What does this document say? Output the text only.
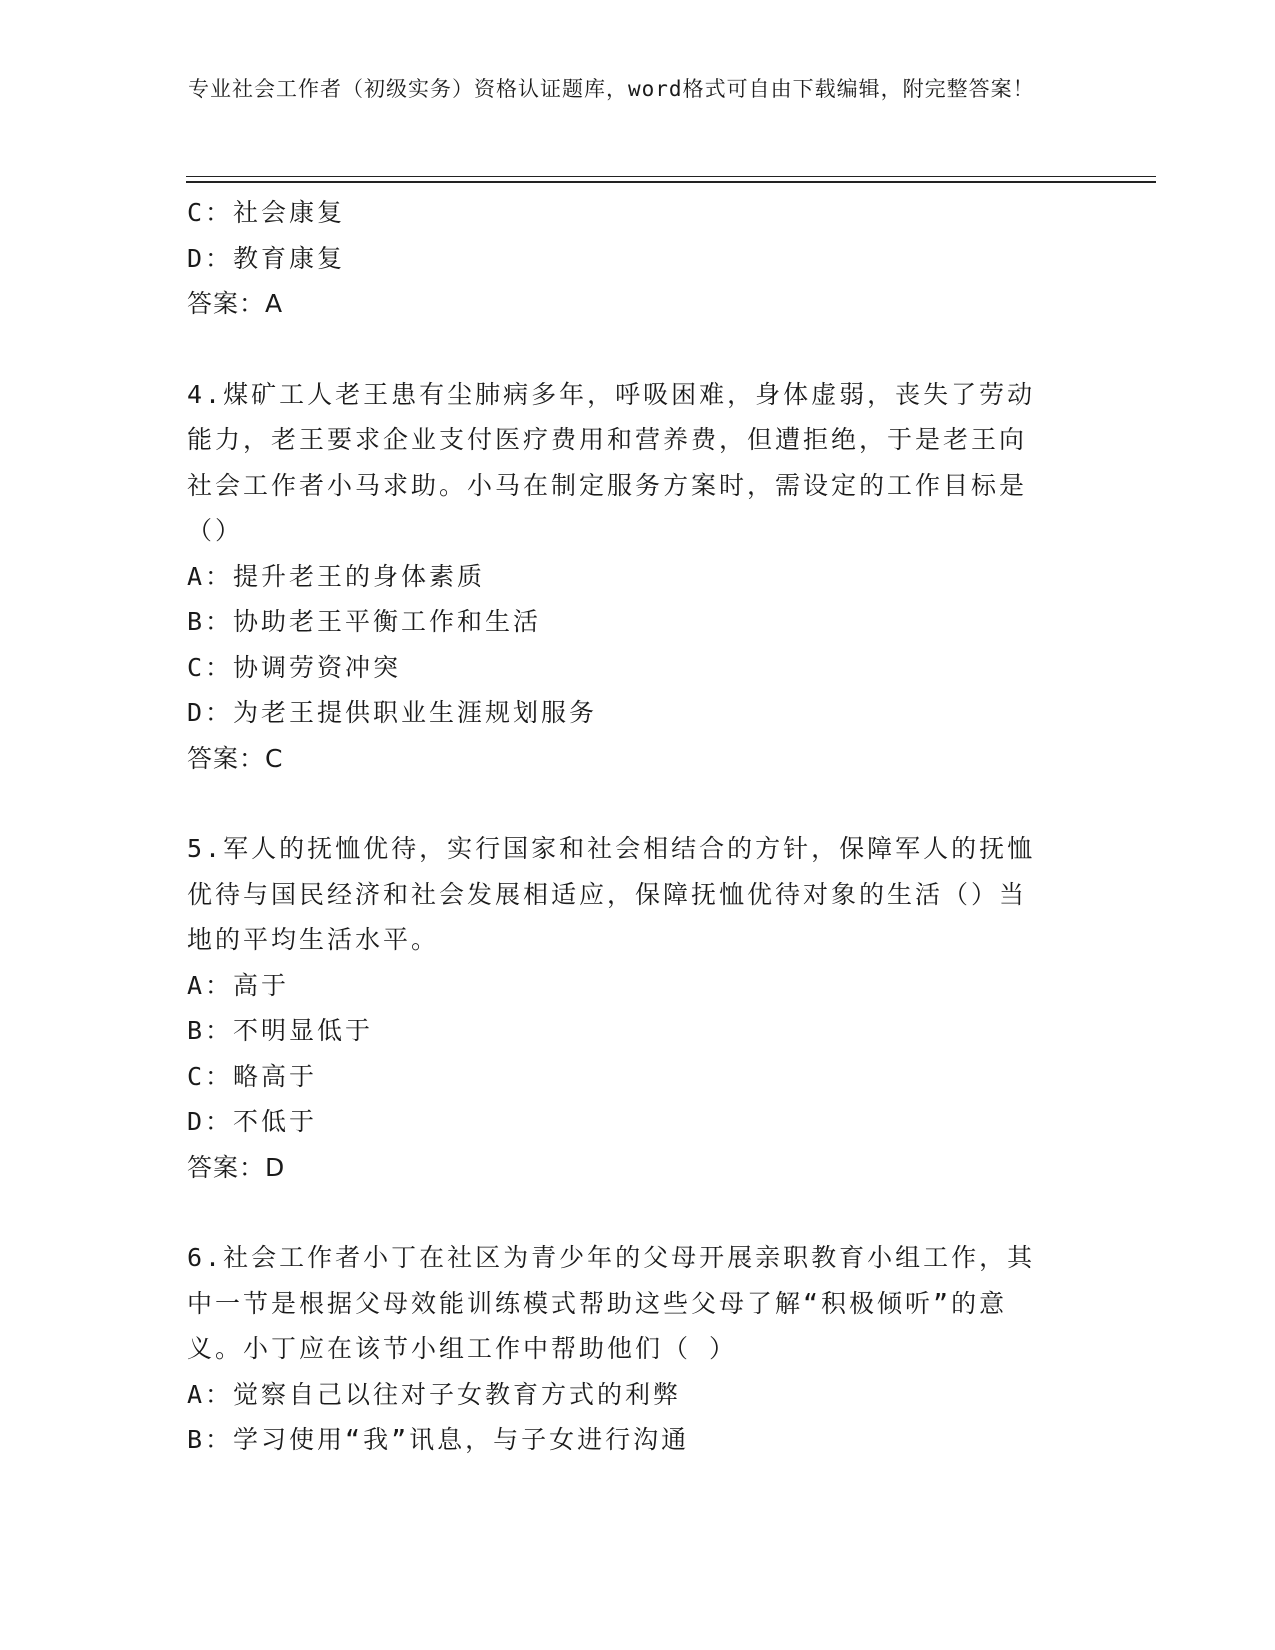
专业社会工作者（初级实务）资格认证题库，word格式可自由下载编辑，附完整答案！
C：社会康复
D：教育康复
答案：A
4.煤矿工人老王患有尘肺病多年，呼吸困难，身体虚弱，丧失了劳动
能力，老王要求企业支付医疗费用和营养费，但遭拒绝，于是老王向
社会工作者小马求助。小马在制定服务方案时，需设定的工作目标是
（）
A：提升老王的身体素质
B：协助老王平衡工作和生活
C：协调劳资冲突
D：为老王提供职业生涯规划服务
答案：C
5.军人的抚恤优待，实行国家和社会相结合的方针，保障军人的抚恤
优待与国民经济和社会发展相适应，保障抚恤优待对象的生活（）当
地的平均生活水平。
A：高于
B：不明显低于
C：略高于
D：不低于
答案：D
6.社会工作者小丁在社区为青少年的父母开展亲职教育小组工作，其
中一节是根据父母效能训练模式帮助这些父母了解“积极倾听”的意
义。小丁应在该节小组工作中帮助他们（ ）
A：觉察自己以往对子女教育方式的利弊
B：学习使用“我”讯息，与子女进行沟通
